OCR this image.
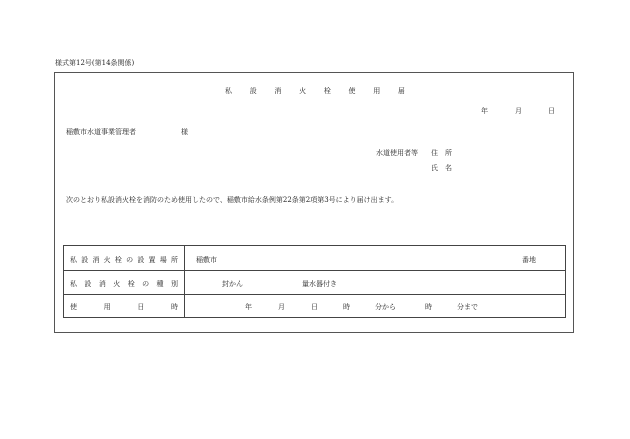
様式第12号(第14条関係)
私	設	消	火	栓	使	用	届
年	月	日
稲敷市水道事業管理者	様
水道使用者等 住　所
氏　名
次のとおり私設消火栓を消防のため使用したので、稲敷市給水条例第22条第2項第3号により届け出ます。
私 設 消 火 栓 の 設 置 場 所	稲敷市	番地
私 設 消 火 栓 の 種 別	封かん	量水器付き
使	用	日	時	年	月	日	時	分から	時	分まで
